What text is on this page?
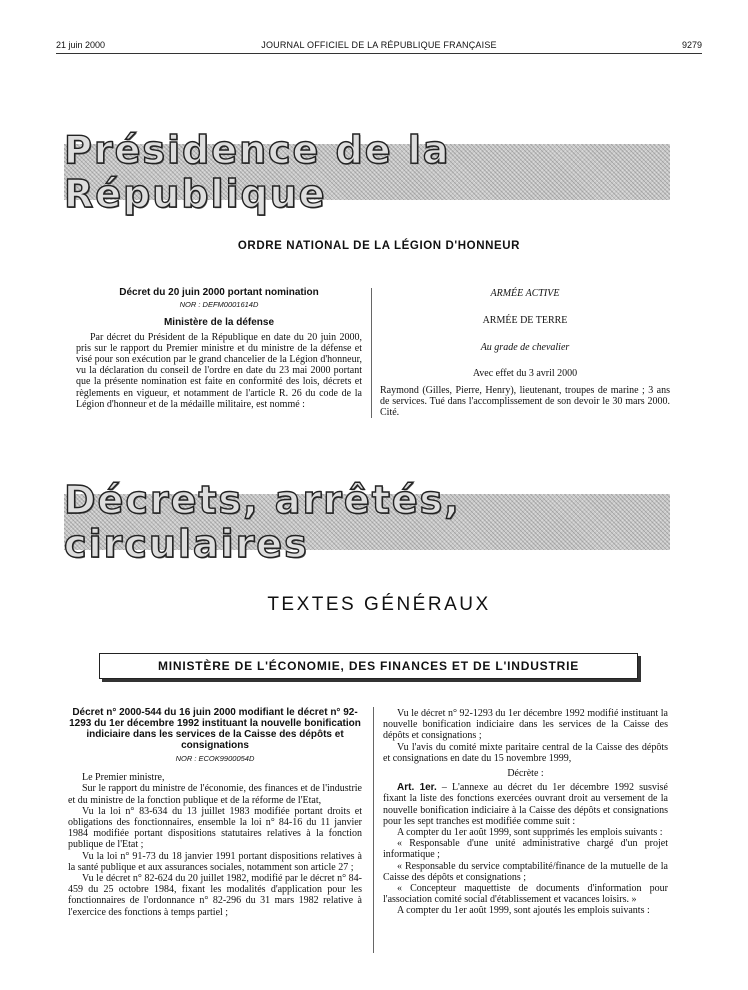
21 juin 2000	JOURNAL OFFICIEL DE LA RÉPUBLIQUE FRANÇAISE	9279
Présidence de la République
ORDRE NATIONAL DE LA LÉGION D'HONNEUR
Décret du 20 juin 2000 portant nomination
NOR : DEFM0001614D
Ministère de la défense

Par décret du Président de la République en date du 20 juin 2000, pris sur le rapport du Premier ministre et du ministre de la défense et visé pour son exécution par le grand chancelier de la Légion d'honneur, vu la déclaration du conseil de l'ordre en date du 23 mai 2000 portant que la présente nomination est faite en conformité des lois, décrets et règlements en vigueur, et notamment de l'article R. 26 du code de la Légion d'honneur et de la médaille militaire, est nommé :

ARMÉE ACTIVE
ARMÉE DE TERRE
Au grade de chevalier
Avec effet du 3 avril 2000
Raymond (Gilles, Pierre, Henry), lieutenant, troupes de marine ; 3 ans de services. Tué dans l'accomplissement de son devoir le 30 mars 2000. Cité.
Décrets, arrêtés, circulaires
TEXTES GÉNÉRAUX
MINISTÈRE DE L'ÉCONOMIE, DES FINANCES ET DE L'INDUSTRIE
Décret n° 2000-544 du 16 juin 2000 modifiant le décret n° 92-1293 du 1er décembre 1992 instituant la nouvelle bonification indiciaire dans les services de la Caisse des dépôts et consignations
NOR : ECOK9900054D

Le Premier ministre,

Sur le rapport du ministre de l'économie, des finances et de l'industrie et du ministre de la fonction publique et de la réforme de l'Etat,

Vu la loi n° 83-634 du 13 juillet 1983 modifiée portant droits et obligations des fonctionnaires, ensemble la loi n° 84-16 du 11 janvier 1984 modifiée portant dispositions statutaires relatives à la fonction publique de l'Etat ;

Vu la loi n° 91-73 du 18 janvier 1991 portant dispositions relatives à la santé publique et aux assurances sociales, notamment son article 27 ;

Vu le décret n° 82-624 du 20 juillet 1982, modifié par le décret n° 84-459 du 25 octobre 1984, fixant les modalités d'application pour les fonctionnaires de l'ordonnance n° 82-296 du 31 mars 1982 relative à l'exercice des fonctions à temps partiel ;

Vu le décret n° 92-1293 du 1er décembre 1992 modifié instituant la nouvelle bonification indiciaire dans les services de la Caisse des dépôts et consignations ;

Vu l'avis du comité mixte paritaire central de la Caisse des dépôts et consignations en date du 15 novembre 1999,

Décrète :

Art. 1er. – L'annexe au décret du 1er décembre 1992 susvisé fixant la liste des fonctions exercées ouvrant droit au versement de la nouvelle bonification indiciaire à la Caisse des dépôts et consignations pour les sept tranches est modifiée comme suit :

A compter du 1er août 1999, sont supprimés les emplois suivants :

« Responsable d'une unité administrative chargé d'un projet informatique ;

« Responsable du service comptabilité/finance de la mutuelle de la Caisse des dépôts et consignations ;

« Concepteur maquettiste de documents d'information pour l'association comité social d'établissement et vacances loisirs. »

A compter du 1er août 1999, sont ajoutés les emplois suivants :
